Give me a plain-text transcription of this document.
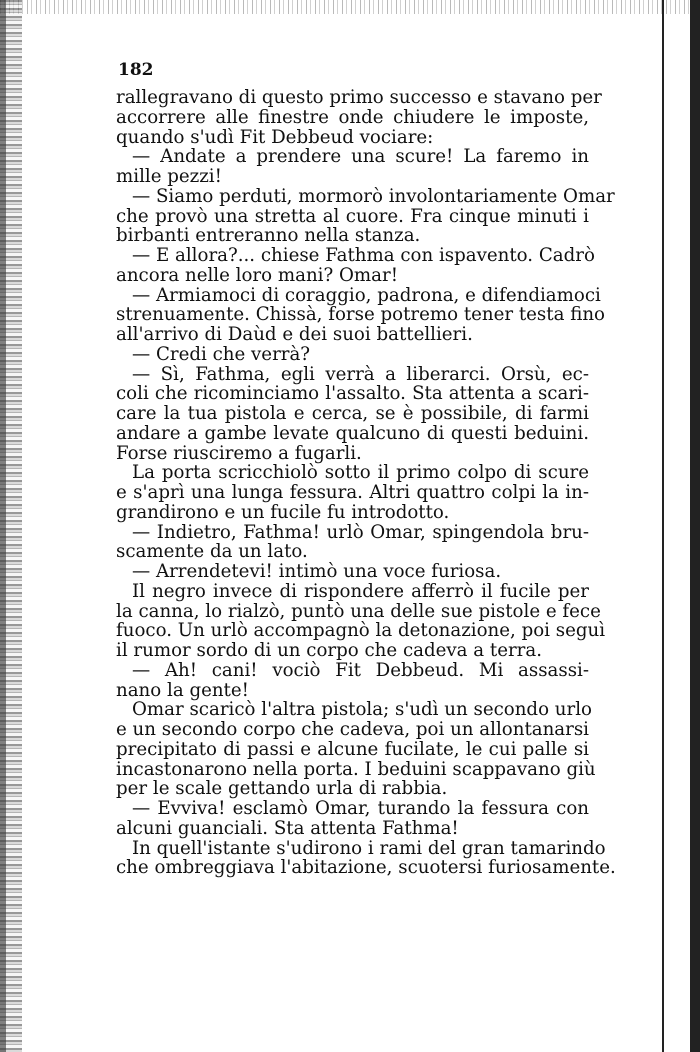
182
rallegravano di questo primo successo e stavano per
accorrere alle finestre onde chiudere le imposte,
quando s'udì Fit Debbeud vociare:
— Andate a prendere una scure! La faremo in
mille pezzi!
— Siamo perduti, mormorò involontariamente Omar
che provò una stretta al cuore. Fra cinque minuti i
birbanti entreranno nella stanza.
— E allora?... chiese Fathma con ispavento. Cadrò
ancora nelle loro mani? Omar!
— Armiamoci di coraggio, padrona, e difendiamoci
strenuamente. Chissà, forse potremo tener testa fino
all'arrivo di Daùd e dei suoi battellieri.
— Credi che verrà?
— Sì, Fathma, egli verrà a liberarci. Orsù, ec-
coli che ricominciamo l'assalto. Sta attenta a scari-
care la tua pistola e cerca, se è possibile, di farmi
andare a gambe levate qualcuno di questi beduini.
Forse riusciremo a fugarli.
La porta scricchiolò sotto il primo colpo di scure
e s'aprì una lunga fessura. Altri quattro colpi la in-
grandirono e un fucile fu introdotto.
— Indietro, Fathma! urlò Omar, spingendola bru-
scamente da un lato.
— Arrendetevi! intimò una voce furiosa.
Il negro invece di rispondere afferrò il fucile per
la canna, lo rialzò, puntò una delle sue pistole e fece
fuoco. Un urlò accompagnò la detonazione, poi seguì
il rumor sordo di un corpo che cadeva a terra.
— Ah! cani! vociò Fit Debbeud. Mi assassi-
nano la gente!
Omar scaricò l'altra pistola; s'udì un secondo urlo
e un secondo corpo che cadeva, poi un allontanarsi
precipitato di passi e alcune fucilate, le cui palle si
incastonarono nella porta. I beduini scappavano giù
per le scale gettando urla di rabbia.
— Evviva! esclamò Omar, turando la fessura con
alcuni guanciali. Sta attenta Fathma!
In quell'istante s'udirono i rami del gran tamarindo
che ombreggiava l'abitazione, scuotersi furiosamente.
